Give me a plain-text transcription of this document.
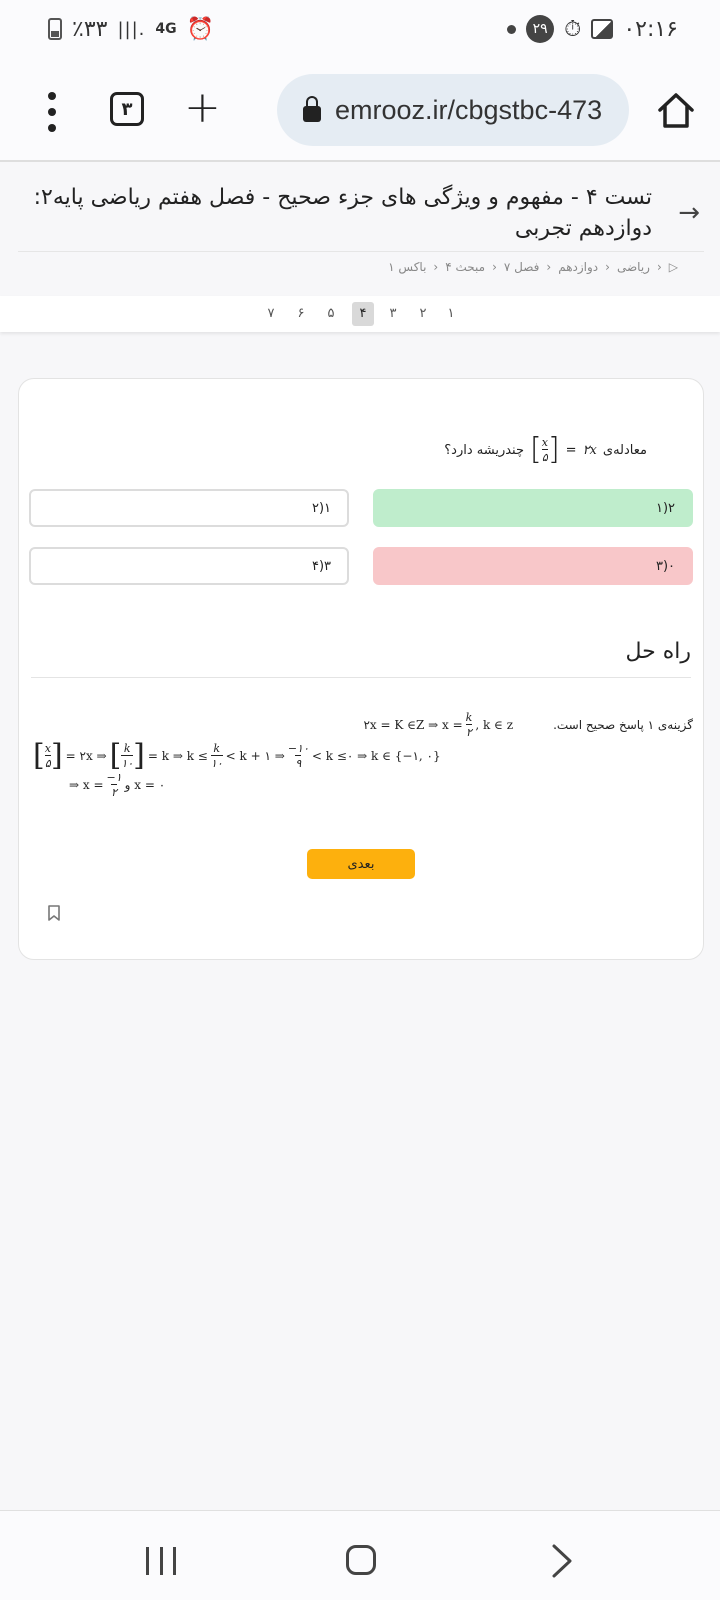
٪۳۳ |||. 4G ⏰	۲۹ ⏱ ۰۲:۱۶
۳ +	emrooz.ir/cbgstbc-473
→
تست ۴ - مفهوم و ویژگی های جزء صحیح - فصل هفتم ریاضی پایه۲: دوازدهم تجربی
▷
‹
ریاضی
‹
دوازدهم
‹
فصل ۷
‹
مبحث ۴
‹
باکس ۱
۱
۲
۳
۴
۵
۶
۷
معادله‌ی
۲x
=
[
$\frac{x}{۵}$
]
چندریشه دارد؟
۲(۱
۱(۲
۰(۳
۳(۴
راه حل
گزینه‌ی ۱ پاسخ صحیح است.
۲x = K ∈Z ⇒ $x = \frac{k}{۲}$ , k ∈ z
[ $\frac{x}{۵}$ ] = ۲x ⇒ [ $\frac{k}{۱۰}$ ] = k ⇒ $k \le \frac{k}{۱۰} < k$ + ۱ ⇒ $\frac{-۱۰}{۹} < k$ ≤۰ ⇒ k ∈ {−۱, ۰}
⇒ $x = \frac{-۱}{۲}$ و x = ۰
بعدی
